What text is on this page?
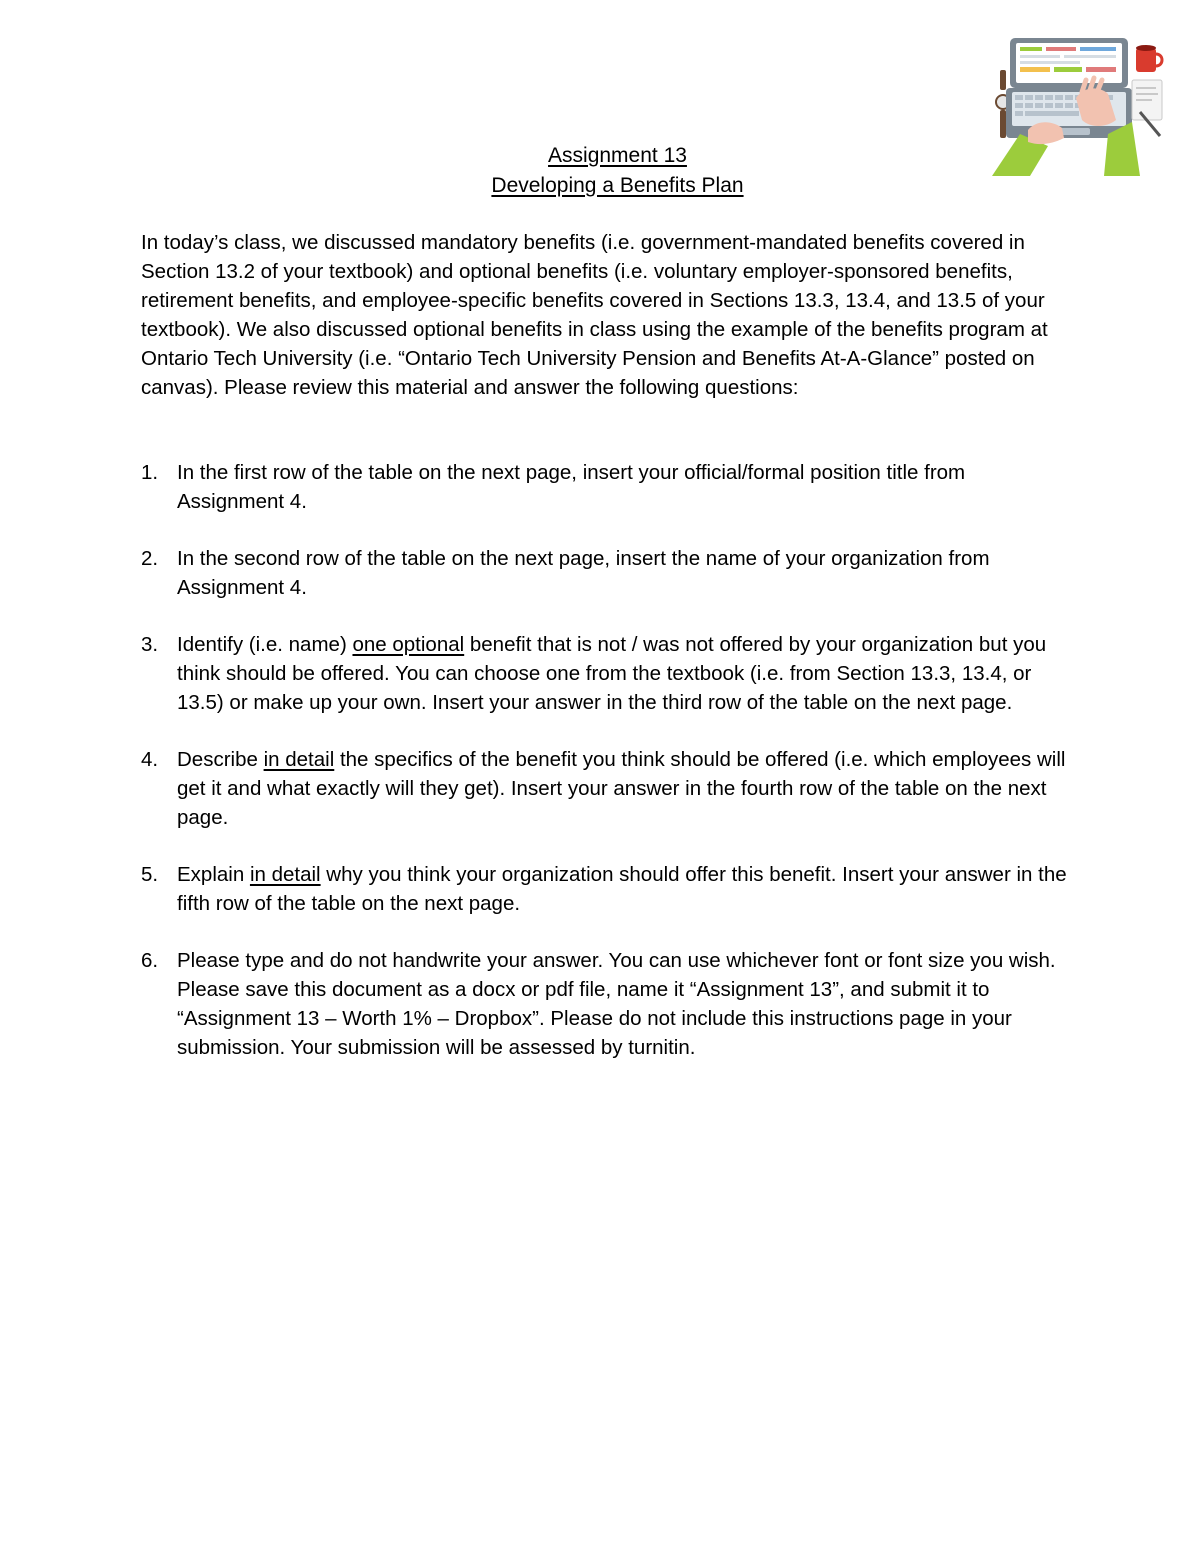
Assignment 13
Developing a Benefits Plan

In today’s class, we discussed mandatory benefits (i.e. government-mandated benefits covered in Section 13.2 of your textbook) and optional benefits (i.e. voluntary employer-sponsored benefits, retirement benefits, and employee-specific benefits covered in Sections 13.3, 13.4, and 13.5 of your textbook). We also discussed optional benefits in class using the example of the benefits program at Ontario Tech University (i.e. “Ontario Tech University Pension and Benefits At-A-Glance” posted on canvas). Please review this material and answer the following questions:

1. In the first row of the table on the next page, insert your official/formal position title from Assignment 4.
2. In the second row of the table on the next page, insert the name of your organization from Assignment 4.
3. Identify (i.e. name) one optional benefit that is not / was not offered by your organization but you think should be offered. You can choose one from the textbook (i.e. from Section 13.3, 13.4, or 13.5) or make up your own. Insert your answer in the third row of the table on the next page.
4. Describe in detail the specifics of the benefit you think should be offered (i.e. which employees will get it and what exactly will they get). Insert your answer in the fourth row of the table on the next page.
5. Explain in detail why you think your organization should offer this benefit. Insert your answer in the fifth row of the table on the next page.
6. Please type and do not handwrite your answer. You can use whichever font or font size you wish. Please save this document as a docx or pdf file, name it “Assignment 13”, and submit it to “Assignment 13 – Worth 1% – Dropbox”. Please do not include this instructions page in your submission. Your submission will be assessed by turnitin.
